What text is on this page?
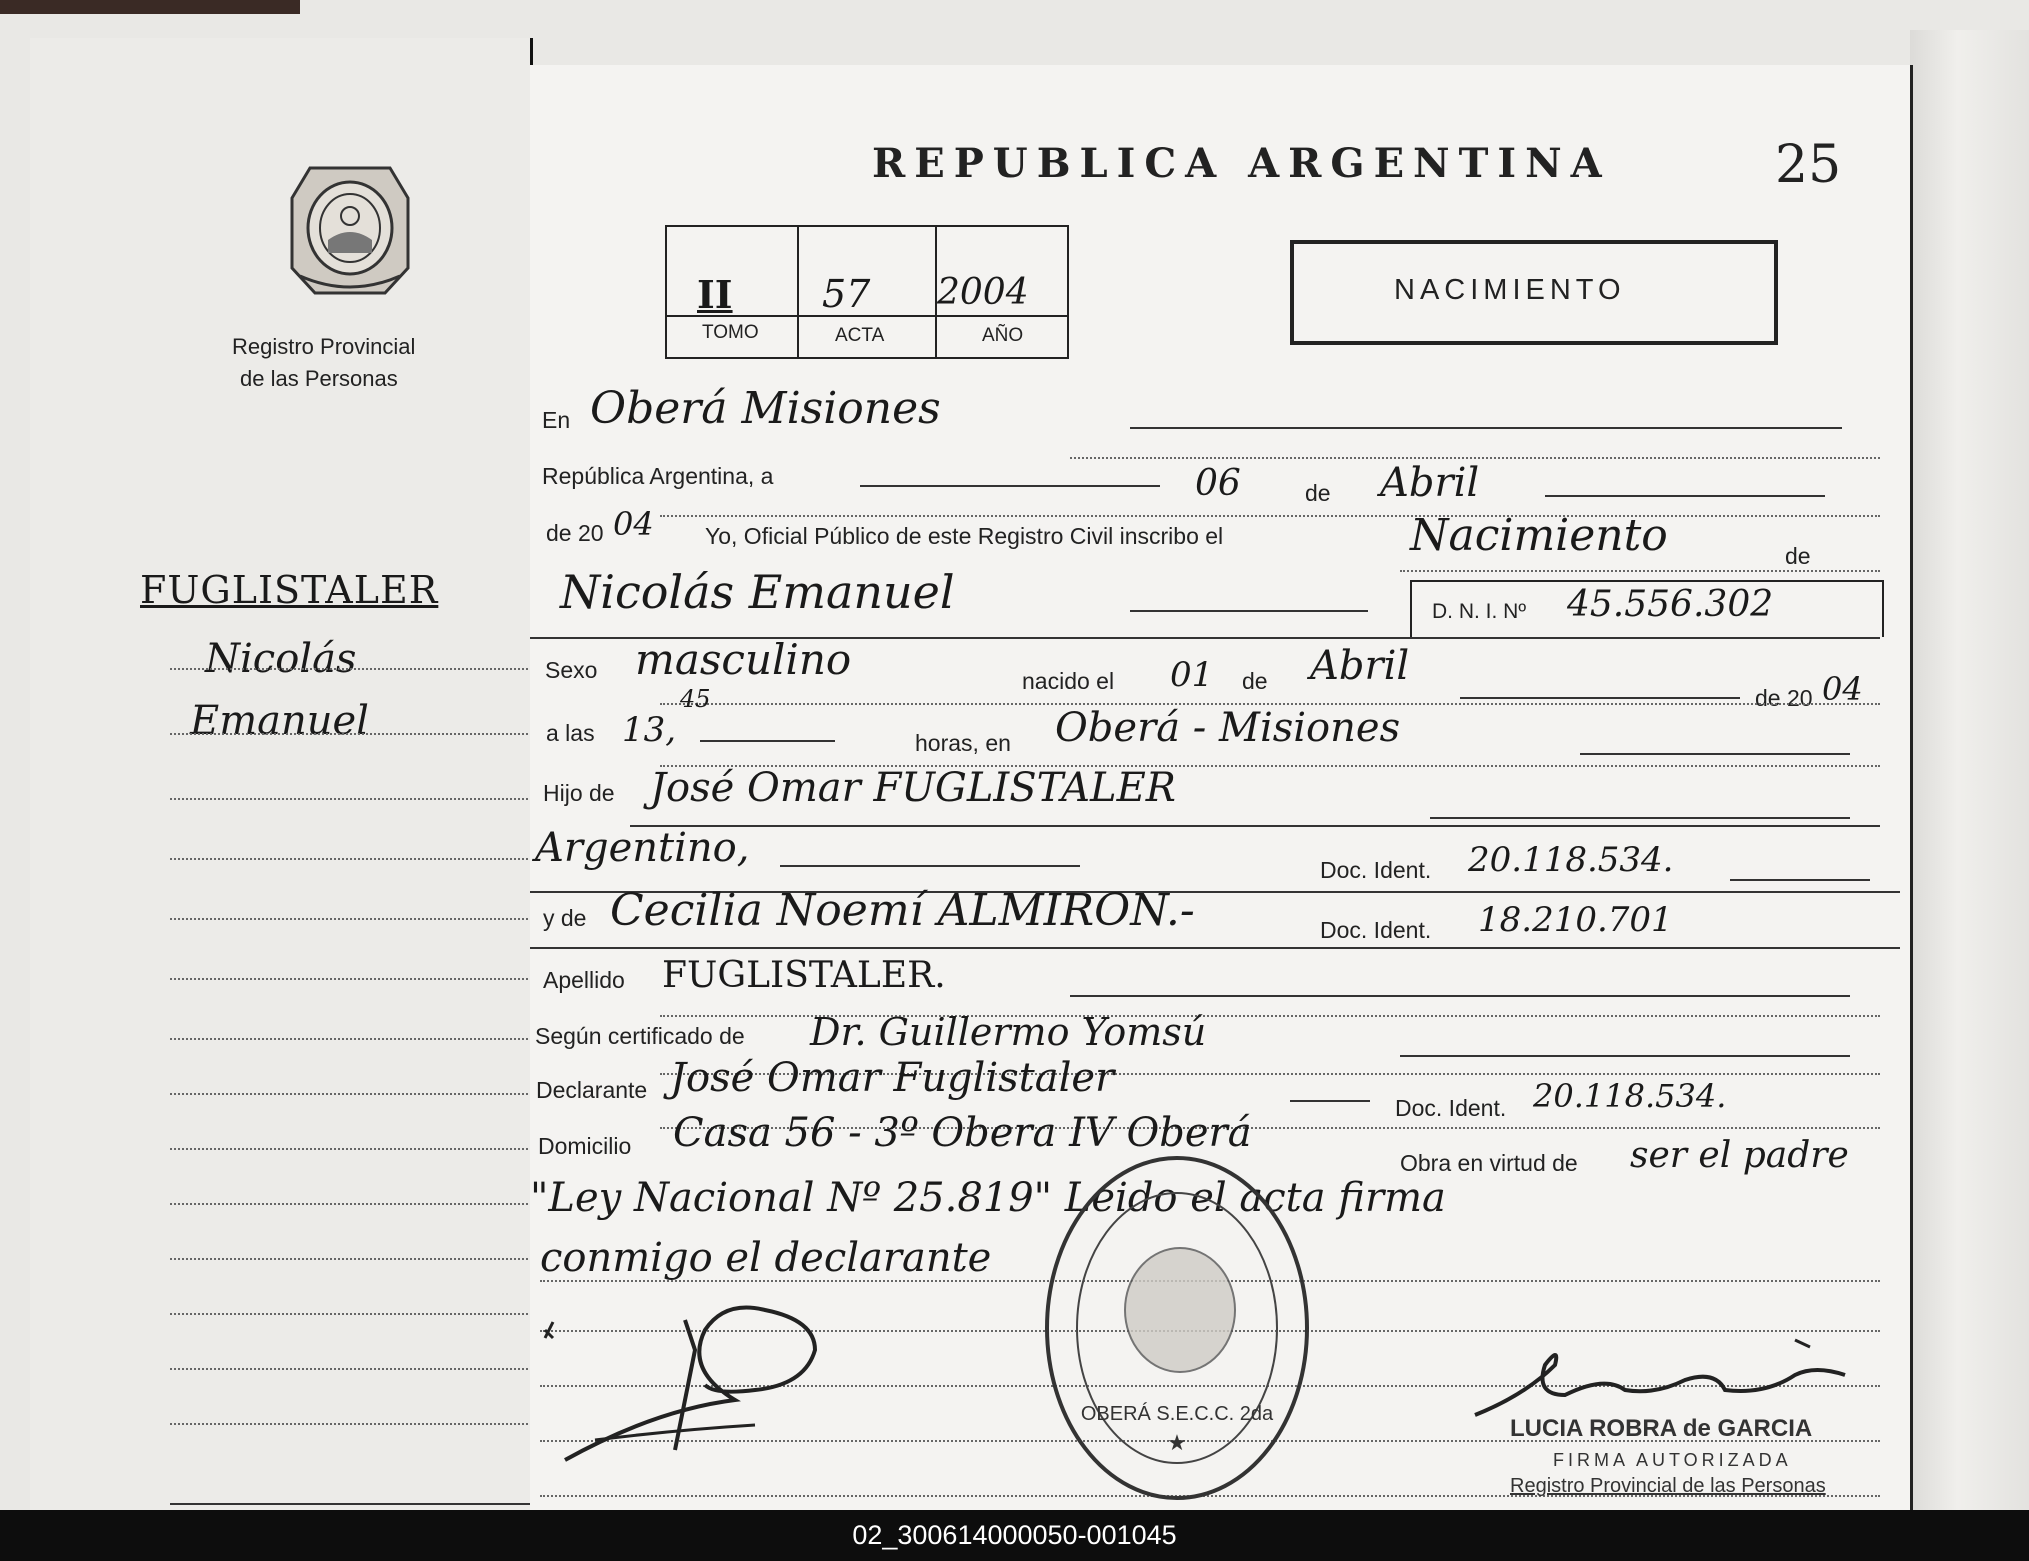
Registro Provincial
de las Personas
FUGLISTALER
Nicolás
Emanuel
REPUBLICA ARGENTINA	25
II 57 2004
TOMO	ACTA	AÑO
NACIMIENTO
En Oberá Misiones
República Argentina, a	06	de Abril
de 20 04 Yo, Oficial Público de este Registro Civil inscribo el	Nacimiento	de
Nicolás Emanuel	D. N. I. Nº 45.556.302
Sexo masculino	nacido el 01 de Abril
de 20 04
a las 13,
45
horas, en Oberá - Misiones
Hijo de José Omar FUGLISTALER
Argentino,	Doc. Ident. 20.118.534.
y de Cecilia Noemí ALMIRON.-	Doc. Ident. 18.210.701
Apellido FUGLISTALER.
Según certificado de Dr. Guillermo Yomsú
Declarante José Omar Fuglistaler
Doc. Ident. 20.118.534.
Domicilio Casa 56 - 3º Obera IV Oberá
Obra en virtud de ser el padre
"Ley Nacional Nº 25.819" Leido el acta firma
conmigo el declarante
★
OBERÁ S.E.C.C. 2da
LUCIA ROBRA de GARCIA
FIRMA AUTORIZADA
Registro Provincial de las Personas
02_300614000050-001045
